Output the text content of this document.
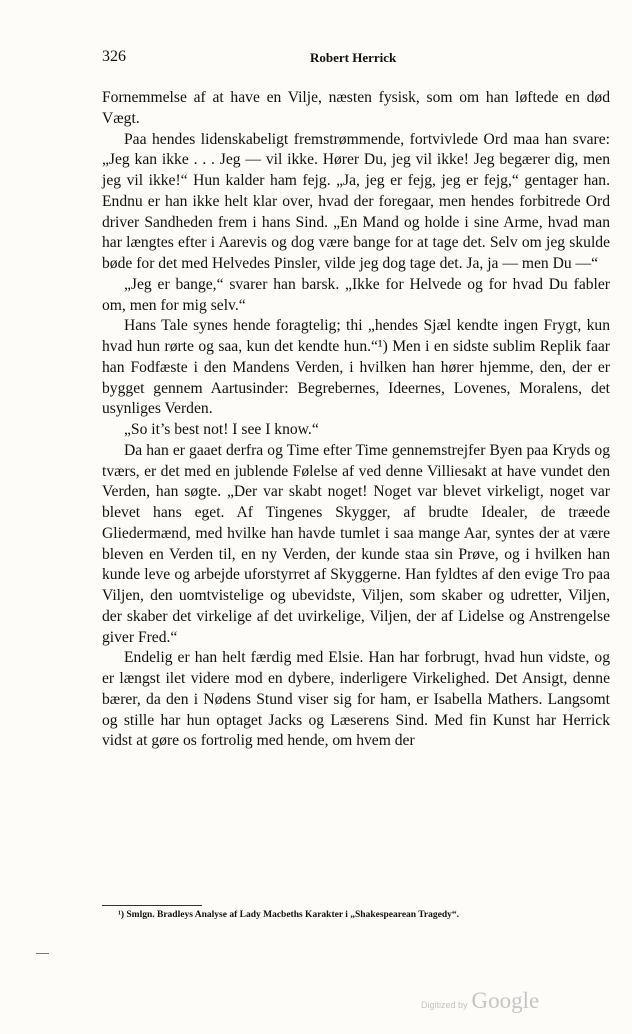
326	Robert Herrick

Fornemmelse af at have en Vilje, næsten fysisk, som om han løftede en død Vægt.

Paa hendes lidenskabeligt fremstrømmende, fortvivlede Ord maa han svare: „Jeg kan ikke . . . Jeg — vil ikke. Hører Du, jeg vil ikke! Jeg begærer dig, men jeg vil ikke!“ Hun kalder ham fejg. „Ja, jeg er fejg, jeg er fejg,“ gentager han. Endnu er han ikke helt klar over, hvad der foregaar, men hendes forbitrede Ord driver Sandheden frem i hans Sind. „En Mand og holde i sine Arme, hvad man har længtes efter i Aarevis og dog være bange for at tage det. Selv om jeg skulde bøde for det med Helvedes Pinsler, vilde jeg dog tage det. Ja, ja — men Du —“

„Jeg er bange,“ svarer han barsk. „Ikke for Helvede og for hvad Du fabler om, men for mig selv.“

Hans Tale synes hende foragtelig; thi „hendes Sjæl kendte ingen Frygt, kun hvad hun rørte og saa, kun det kendte hun.“¹) Men i en sidste sublim Replik faar han Fodfæste i den Mandens Verden, i hvilken han hører hjemme, den, der er bygget gennem Aartusinder: Begrebernes, Ideernes, Lovenes, Moralens, det usynliges Verden.

„So it’s best not! I see I know.“

Da han er gaaet derfra og Time efter Time gennemstrejfer Byen paa Kryds og tværs, er det med en jublende Følelse af ved denne Villiesakt at have vundet den Verden, han søgte. „Der var skabt noget! Noget var blevet virkeligt, noget var blevet hans eget. Af Tingenes Skygger, af brudte Idealer, de træede Gliedermænd, med hvilke han havde tumlet i saa mange Aar, syntes der at være bleven en Verden til, en ny Verden, der kunde staa sin Prøve, og i hvilken han kunde leve og arbejde uforstyrret af Skyggerne. Han fyldtes af den evige Tro paa Viljen, den uomtvistelige og ubevidste, Viljen, som skaber og udretter, Viljen, der skaber det virkelige af det uvirkelige, Viljen, der af Lidelse og Anstrengelse giver Fred.“

Endelig er han helt færdig med Elsie. Han har forbrugt, hvad hun vidste, og er længst ilet videre mod en dybere, inderligere Virkelighed. Det Ansigt, denne bærer, da den i Nødens Stund viser sig for ham, er Isabella Mathers. Langsomt og stille har hun optaget Jacks og Læserens Sind. Med fin Kunst har Herrick vidst at gøre os fortrolig med hende, om hvem der

¹) Smlgn. Bradleys Analyse af Lady Macbeths Karakter i „Shakespearean Tragedy“.
Digitized by Google
